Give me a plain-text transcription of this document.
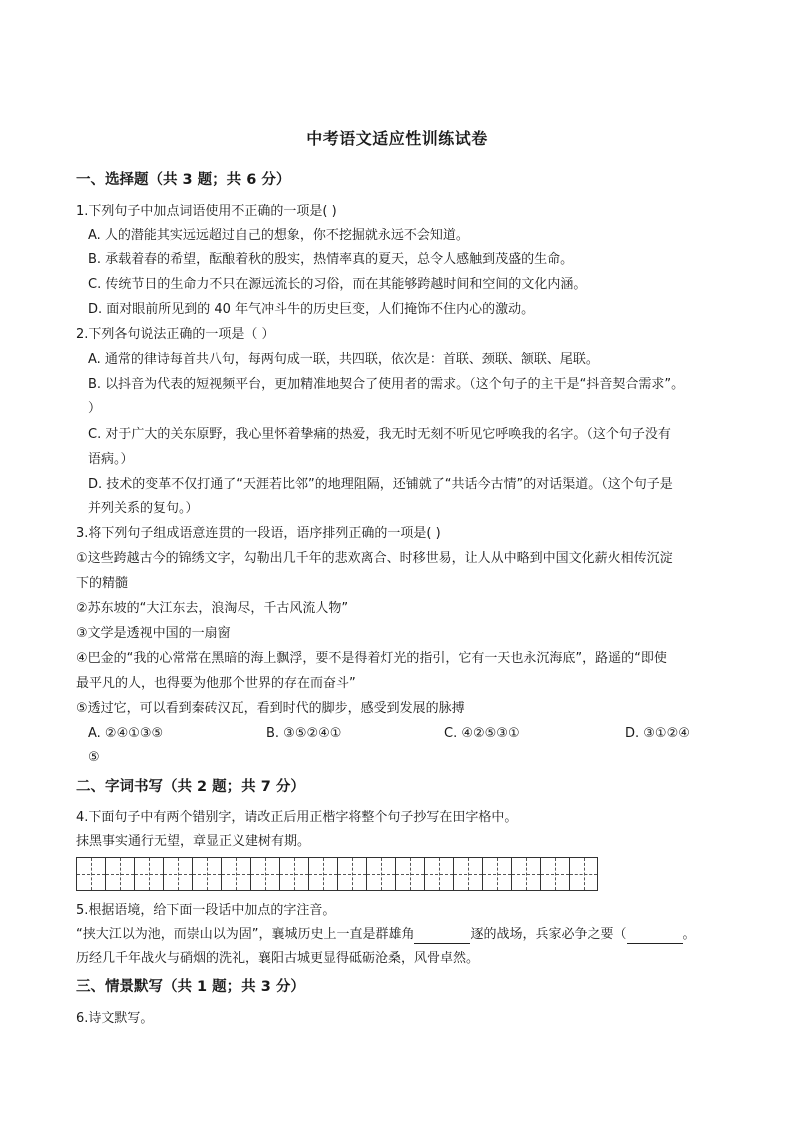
中考语文适应性训练试卷
一、选择题（共 3 题；共 6 分）
1.下列句子中加点词语使用不正确的一项是( )
A. 人的潜能其实远远超过自己的想象，你不挖掘就永远不会知道。
B. 承载着春的希望，酝酿着秋的殷实，热情率真的夏天，总令人感触到茂盛的生命。
C. 传统节日的生命力不只在源远流长的习俗，而在其能够跨越时间和空间的文化内涵。
D. 面对眼前所见到的 40 年气冲斗牛的历史巨变，人们掩饰不住内心的激动。
2.下列各句说法正确的一项是（ ）
A. 通常的律诗每首共八句，每两句成一联，共四联，依次是：首联、颈联、颔联、尾联。
B. 以抖音为代表的短视频平台，更加精准地契合了使用者的需求。（这个句子的主干是“抖音契合需求”。
）
C. 对于广大的关东原野，我心里怀着挚痛的热爱，我无时无刻不听见它呼唤我的名字。（这个句子没有
语病。）
D. 技术的变革不仅打通了“天涯若比邻”的地理阻隔，还铺就了“共话今古情”的对话渠道。（这个句子是
并列关系的复句。）
3.将下列句子组成语意连贯的一段语，语序排列正确的一项是( )
①这些跨越古今的锦绣文字，勾勒出几千年的悲欢离合、时移世易，让人从中略到中国文化薪火相传沉淀
下的精髓
②苏东坡的“大江东去，浪淘尽，千古风流人物”
③文学是透视中国的一扇窗
④巴金的“我的心常常在黑暗的海上飘浮，要不是得着灯光的指引，它有一天也永沉海底”，路遥的“即使
最平凡的人，也得要为他那个世界的存在而奋斗”
⑤透过它，可以看到秦砖汉瓦，看到时代的脚步，感受到发展的脉搏
A. ②④①③⑤	B. ③⑤②④①	C. ④②⑤③①	D. ③①②④
⑤
二、字词书写（共 2 题；共 7 分）
4.下面句子中有两个错别字，请改正后用正楷字将整个句子抄写在田字格中。
抹黑事实通行无望，章显正义建树有期。
5.根据语境，给下面一段话中加点的字注音。
“挟大江以为池，而崇山以为固”，襄城历史上一直是群雄角	逐的战场，兵家必争之要（	。
历经几千年战火与硝烟的洗礼，襄阳古城更显得砥砺沧桑，风骨卓然。
三、情景默写（共 1 题；共 3 分）
6.诗文默写。
